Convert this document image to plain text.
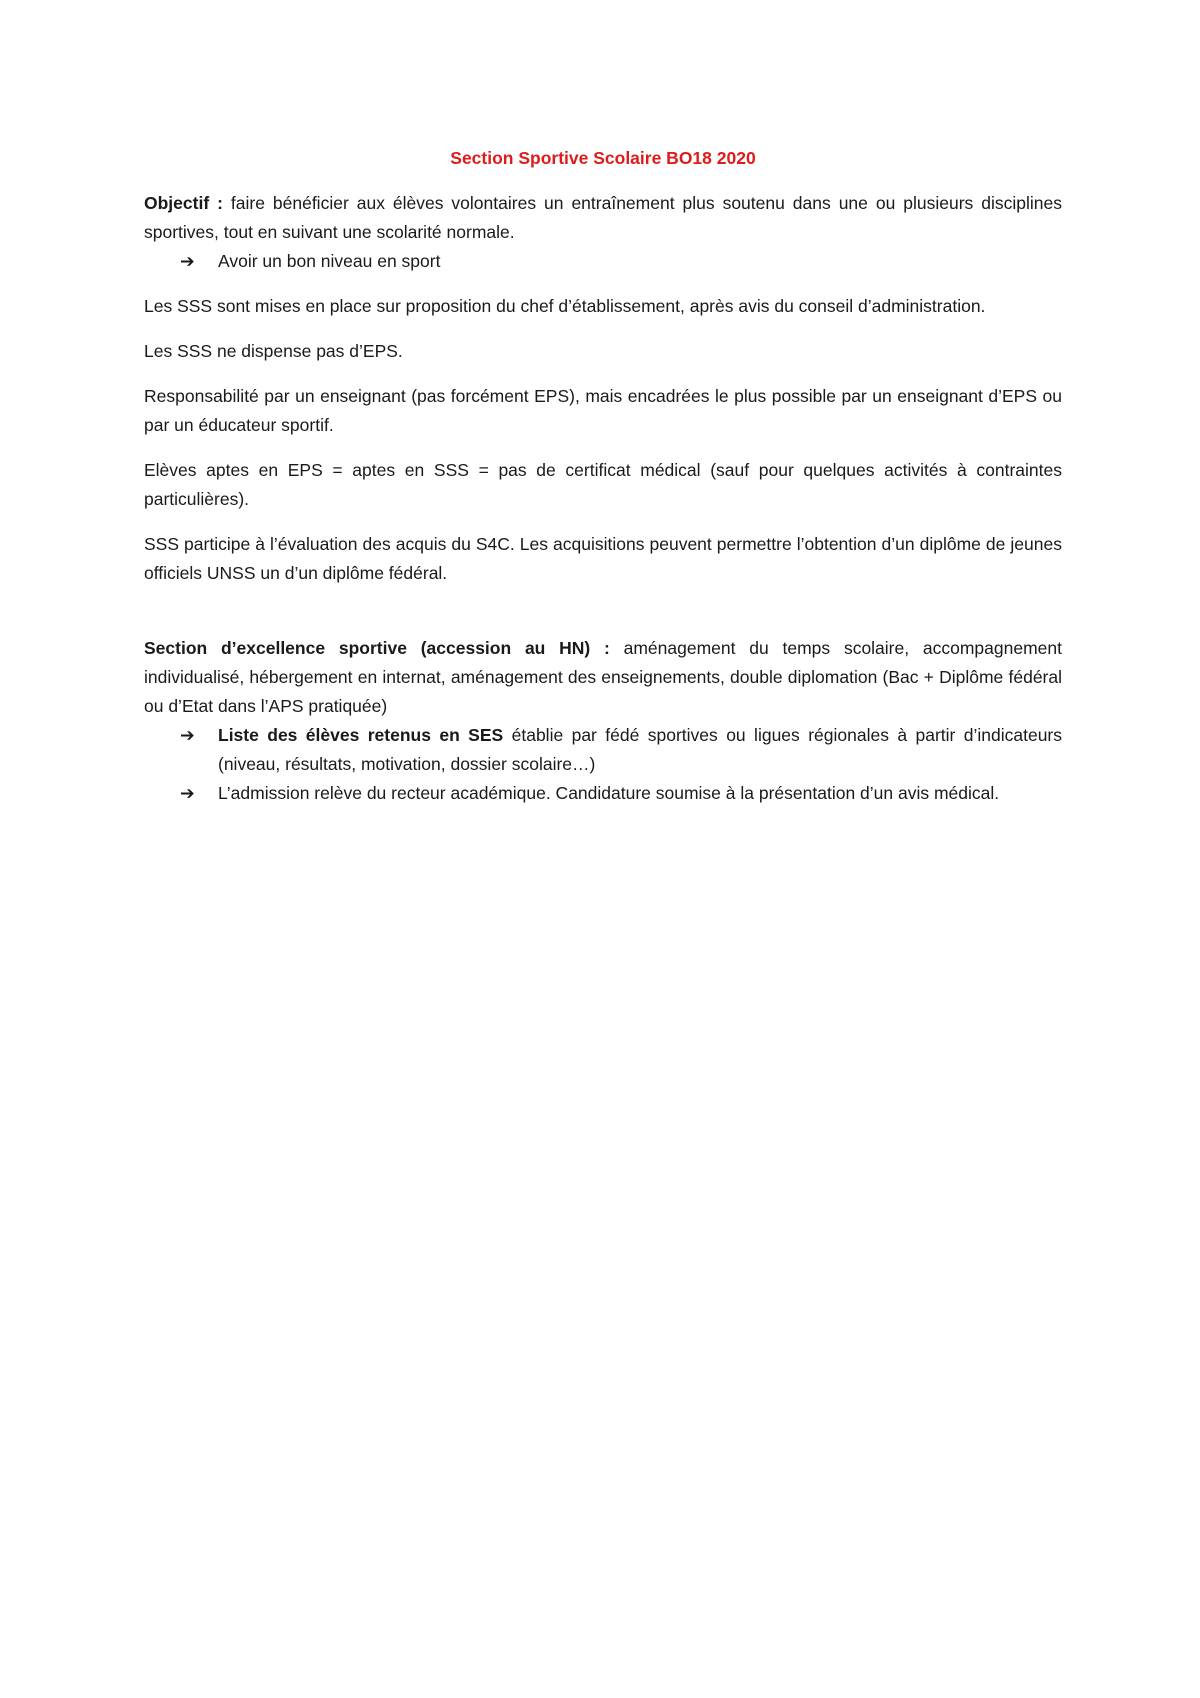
Section Sportive Scolaire BO18 2020

Objectif : faire bénéficier aux élèves volontaires un entraînement plus soutenu dans une ou plusieurs disciplines sportives, tout en suivant une scolarité normale.

➔ Avoir un bon niveau en sport

Les SSS sont mises en place sur proposition du chef d’établissement, après avis du conseil d’administration.

Les SSS ne dispense pas d’EPS.

Responsabilité par un enseignant (pas forcément EPS), mais encadrées le plus possible par un enseignant d’EPS ou par un éducateur sportif.

Elèves aptes en EPS = aptes en SSS = pas de certificat médical (sauf pour quelques activités à contraintes particulières).

SSS participe à l’évaluation des acquis du S4C. Les acquisitions peuvent permettre l’obtention d’un diplôme de jeunes officiels UNSS un d’un diplôme fédéral.

Section d’excellence sportive (accession au HN) : aménagement du temps scolaire, accompagnement individualisé, hébergement en internat, aménagement des enseignements, double diplomation (Bac + Diplôme fédéral ou d’Etat dans l’APS pratiquée)

➔ Liste des élèves retenus en SES établie par fédé sportives ou ligues régionales à partir d’indicateurs (niveau, résultats, motivation, dossier scolaire…)
➔ L’admission relève du recteur académique. Candidature soumise à la présentation d’un avis médical.
